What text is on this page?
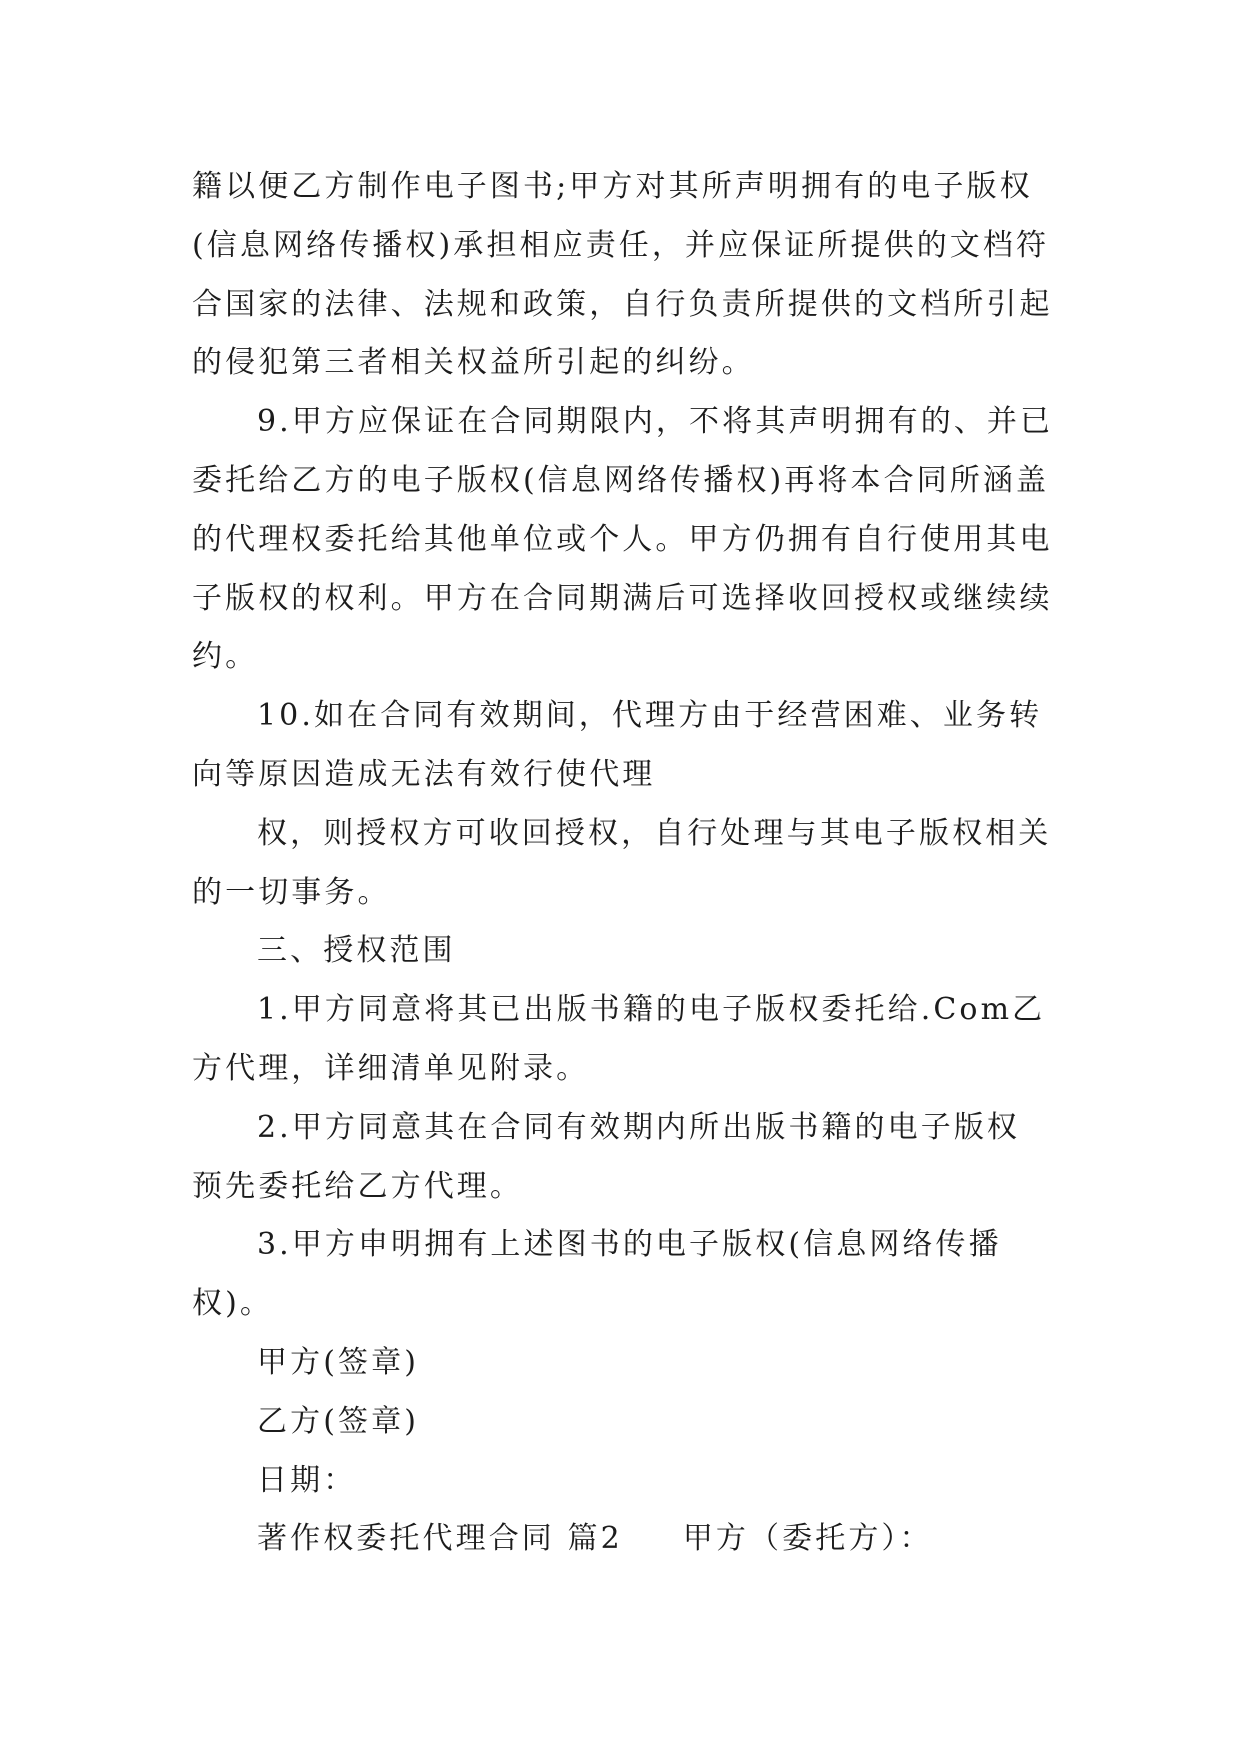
籍以便乙方制作电子图书;甲方对其所声明拥有的电子版权
(信息网络传播权)承担相应责任，并应保证所提供的文档符
合国家的法律、法规和政策，自行负责所提供的文档所引起
的侵犯第三者相关权益所引起的纠纷。
9.甲方应保证在合同期限内，不将其声明拥有的、并已
委托给乙方的电子版权(信息网络传播权)再将本合同所涵盖
的代理权委托给其他单位或个人。甲方仍拥有自行使用其电
子版权的权利。甲方在合同期满后可选择收回授权或继续续
约。
10.如在合同有效期间，代理方由于经营困难、业务转
向等原因造成无法有效行使代理
权，则授权方可收回授权，自行处理与其电子版权相关
的一切事务。
三、授权范围
1.甲方同意将其已出版书籍的电子版权委托给.Com乙
方代理，详细清单见附录。
2.甲方同意其在合同有效期内所出版书籍的电子版权
预先委托给乙方代理。
3.甲方申明拥有上述图书的电子版权(信息网络传播
权)。
甲方(签章)
乙方(签章)
日期：
著作权委托代理合同 篇2 甲方（委托方）：
